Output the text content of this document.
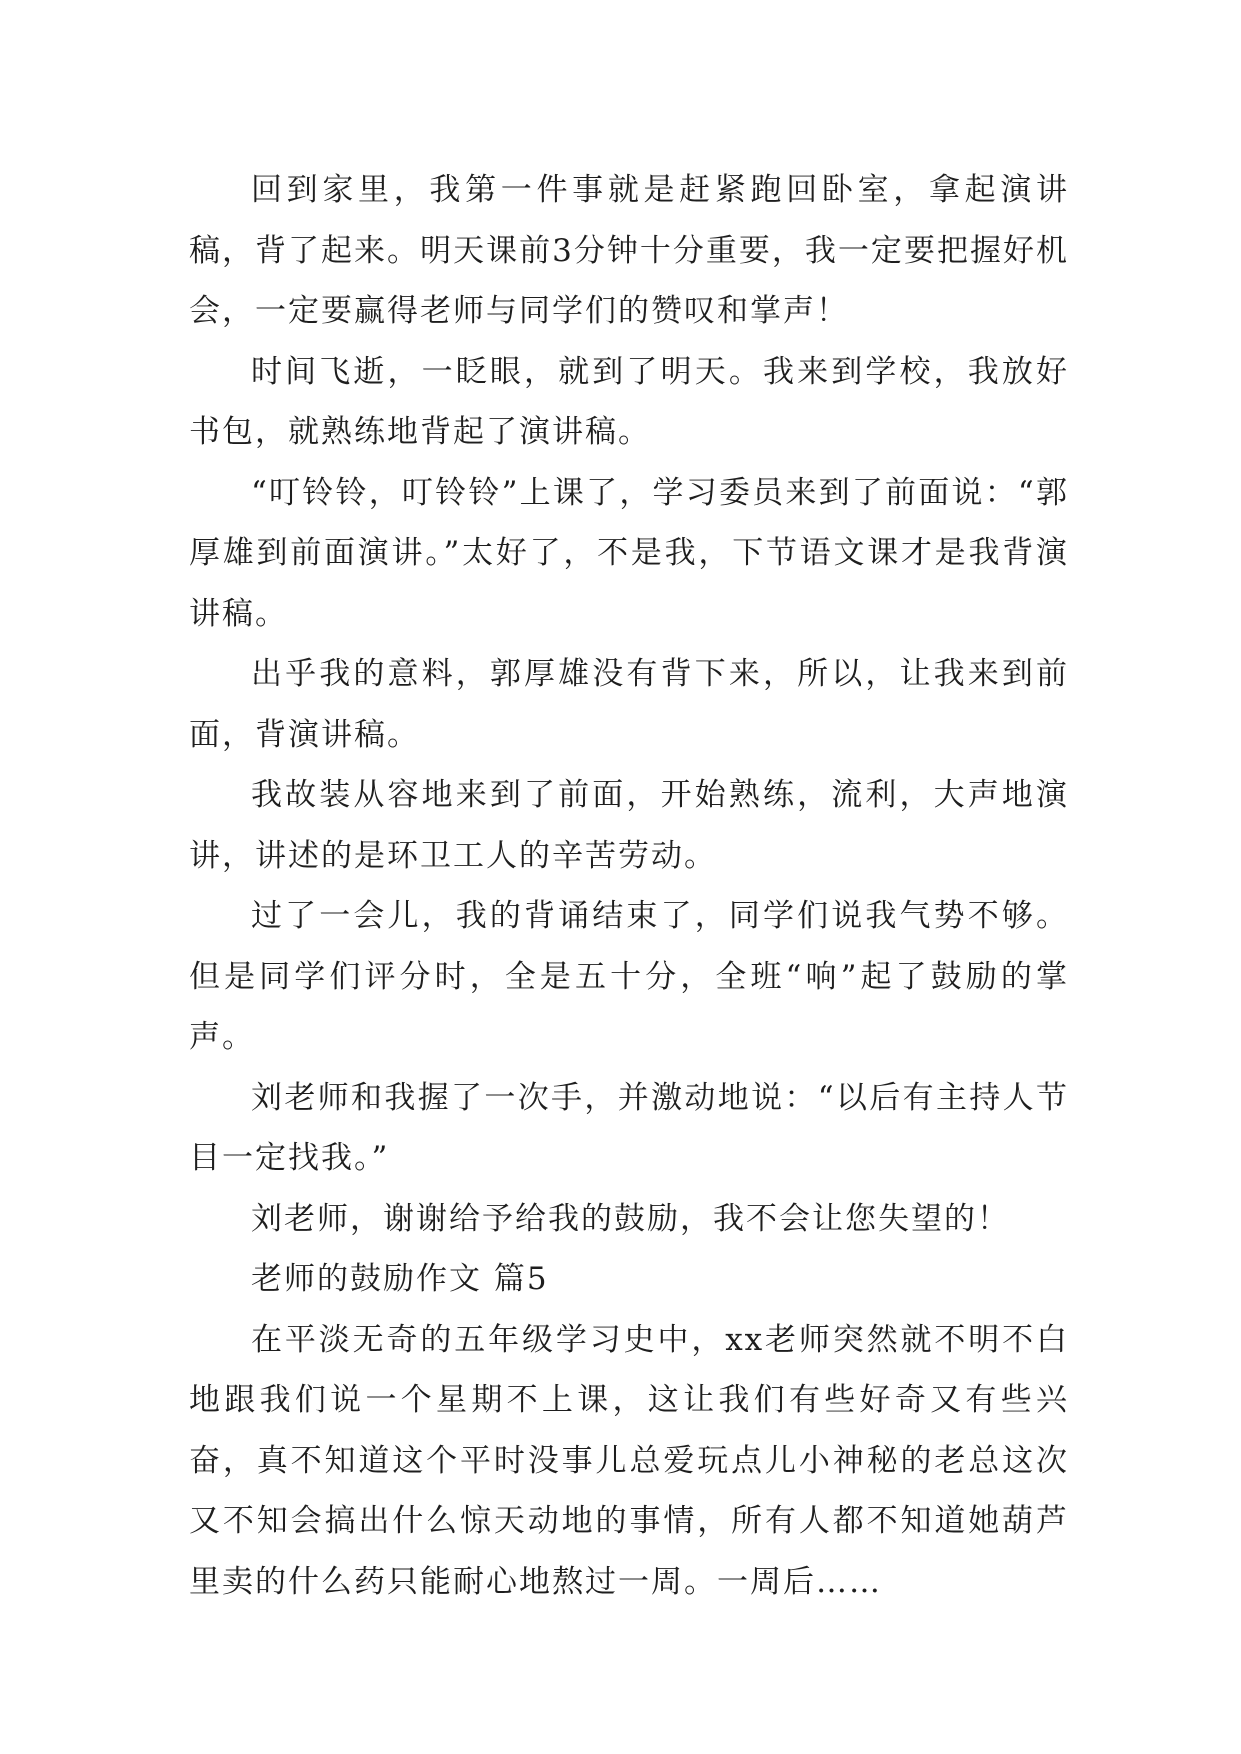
回到家里，我第一件事就是赶紧跑回卧室，拿起演讲稿，背了起来。明天课前3分钟十分重要，我一定要把握好机会，一定要赢得老师与同学们的赞叹和掌声！

时间飞逝，一眨眼，就到了明天。我来到学校，我放好书包，就熟练地背起了演讲稿。

“叮铃铃，叮铃铃”上课了，学习委员来到了前面说：“郭厚雄到前面演讲。”太好了，不是我，下节语文课才是我背演讲稿。

出乎我的意料，郭厚雄没有背下来，所以，让我来到前面，背演讲稿。

我故装从容地来到了前面，开始熟练，流利，大声地演讲，讲述的是环卫工人的辛苦劳动。

过了一会儿，我的背诵结束了，同学们说我气势不够。但是同学们评分时，全是五十分，全班“响”起了鼓励的掌声。

刘老师和我握了一次手，并激动地说：“以后有主持人节目一定找我。”

刘老师，谢谢给予给我的鼓励，我不会让您失望的！

老师的鼓励作文 篇5

在平淡无奇的五年级学习史中，xx老师突然就不明不白地跟我们说一个星期不上课，这让我们有些好奇又有些兴奋，真不知道这个平时没事儿总爱玩点儿小神秘的老总这次又不知会搞出什么惊天动地的事情，所有人都不知道她葫芦里卖的什么药只能耐心地熬过一周。一周后……
